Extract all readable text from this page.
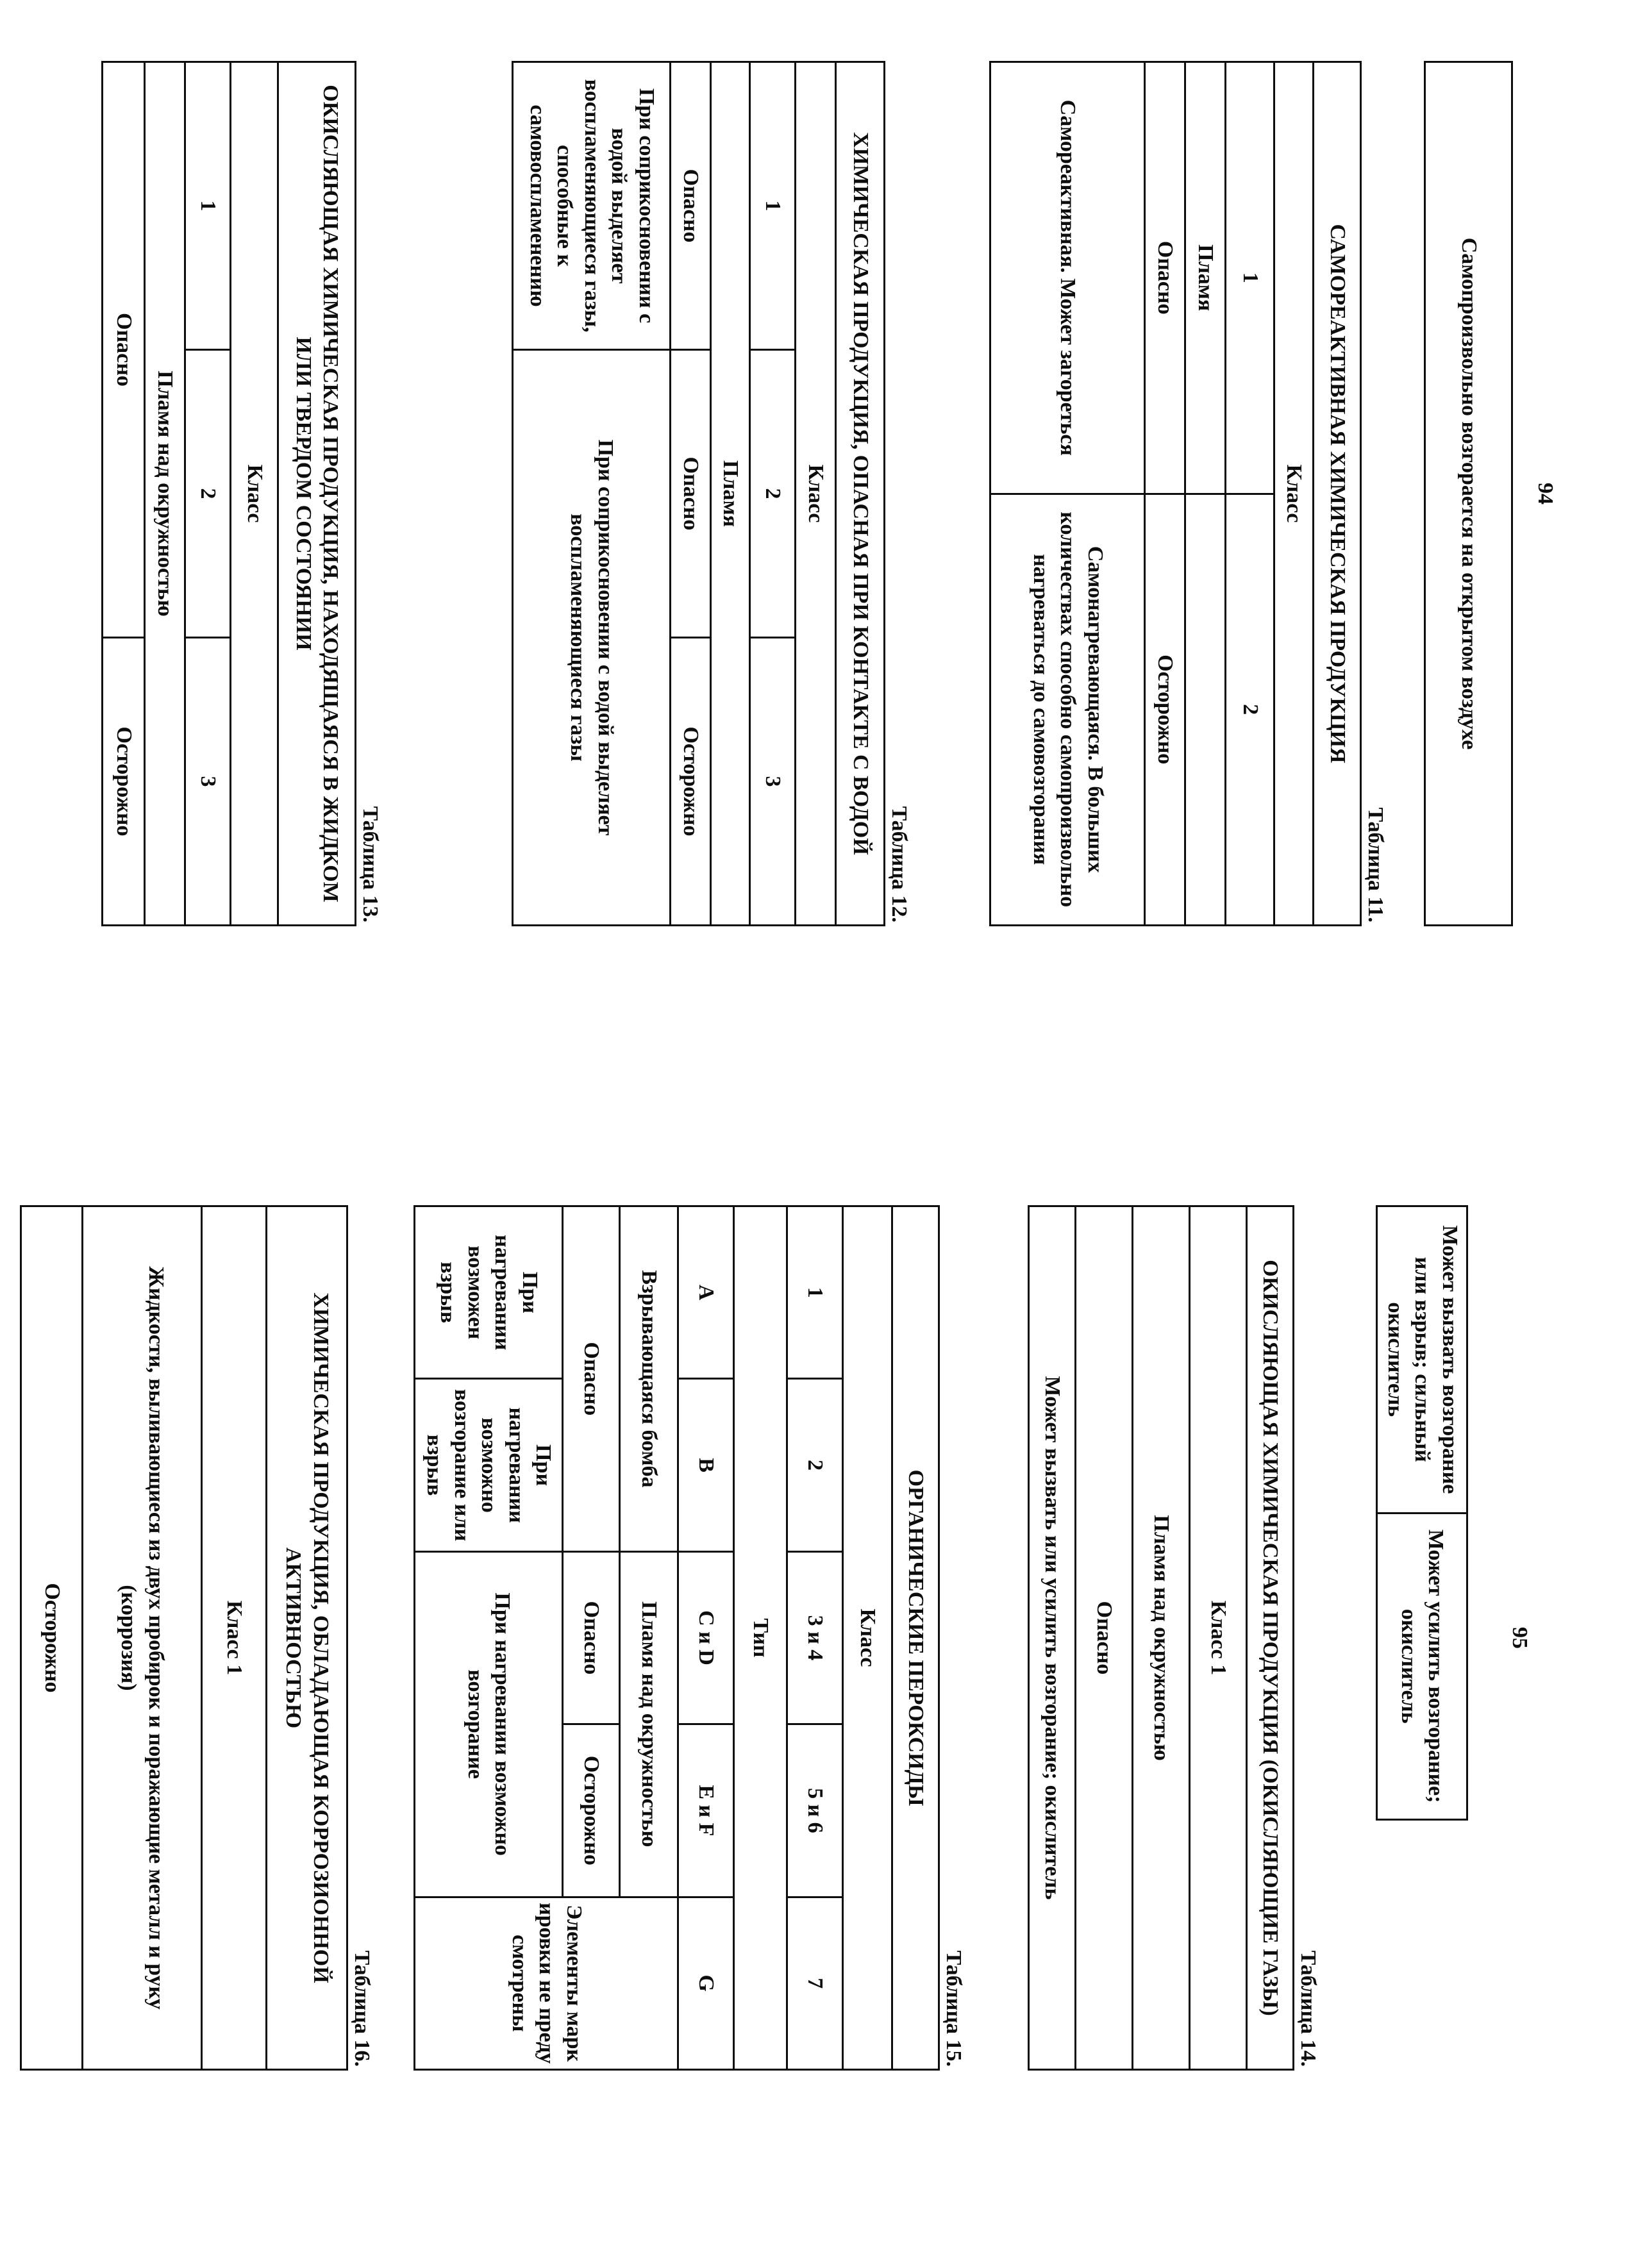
94
Самопроизвольно возгорается на открытом воздухе
Таблица 11.
САМОРЕАКТИВНАЯ ХИМИЧЕСКАЯ ПРОДУКЦИЯ	
Класс	
1	2
Пламя	
Опасно	Осторожно
Самореактивная. Может загореться	Самонагревающаяся. В больших количествах способно самопроизвольно нагреваться до самовозгорания
Таблица 12.
ХИМИЧЕСКАЯ ПРОДУКЦИЯ, ОПАСНАЯ ПРИ КОНТАКТЕ С ВОДОЙ		
Класс		
1	2	3
Пламя		
Опасно	Опасно	Осторожно
При соприкосновении с водой выделяет воспламеняющиеся газы, способные к самовоспламенению	При соприкосновении с водой выделяет воспламеняющиеся газы	
Таблица 13.
ОКИСЛЯЮЩАЯ ХИМИЧЕСКАЯ ПРОДУКЦИЯ, НАХОДЯЩАЯСЯ В ЖИДКОМ ИЛИ ТВЕРДОМ СОСТОЯНИИ		
Класс		
1	2	3
Пламя над окружностью		
Опасно		Осторожно
95
Может вызвать возгорание или взрыв; сильный окислитель	Может усилить возгорание; окислитель
Таблица 14.
ОКИСЛЯЮЩАЯ ХИМИЧЕСКАЯ ПРОДУКЦИЯ (ОКИСЛЯЮЩИЕ ГАЗЫ)
Класс 1
Пламя над окружностью
Опасно
Может вызвать или усилить возгорание; окислитель
Таблица 15.
ОРГАНИЧЕСКИЕ ПЕРОКСИДЫ				
Класс				
1	2	3 и 4	5 и 6	7
Тип				
A	B	C и D	E и F	G
Взрывающаяся бомба		Пламя над окружностью		Элементы маркировки не предусмотрены
Опасно		Опасно	Осторожно	
При нагревании возможен взрыв	При нагревании возможно возгорание или взрыв	При нагревании возможно возгорание		
Таблица 16.
ХИМИЧЕСКАЯ ПРОДУКЦИЯ, ОБЛАДАЮЩАЯ КОРРОЗИОННОЙ АКТИВНОСТЬЮ
Класс 1
Жидкости, выливающиеся из двух пробирок и поражающие металл и руку (коррозия)
Осторожно
